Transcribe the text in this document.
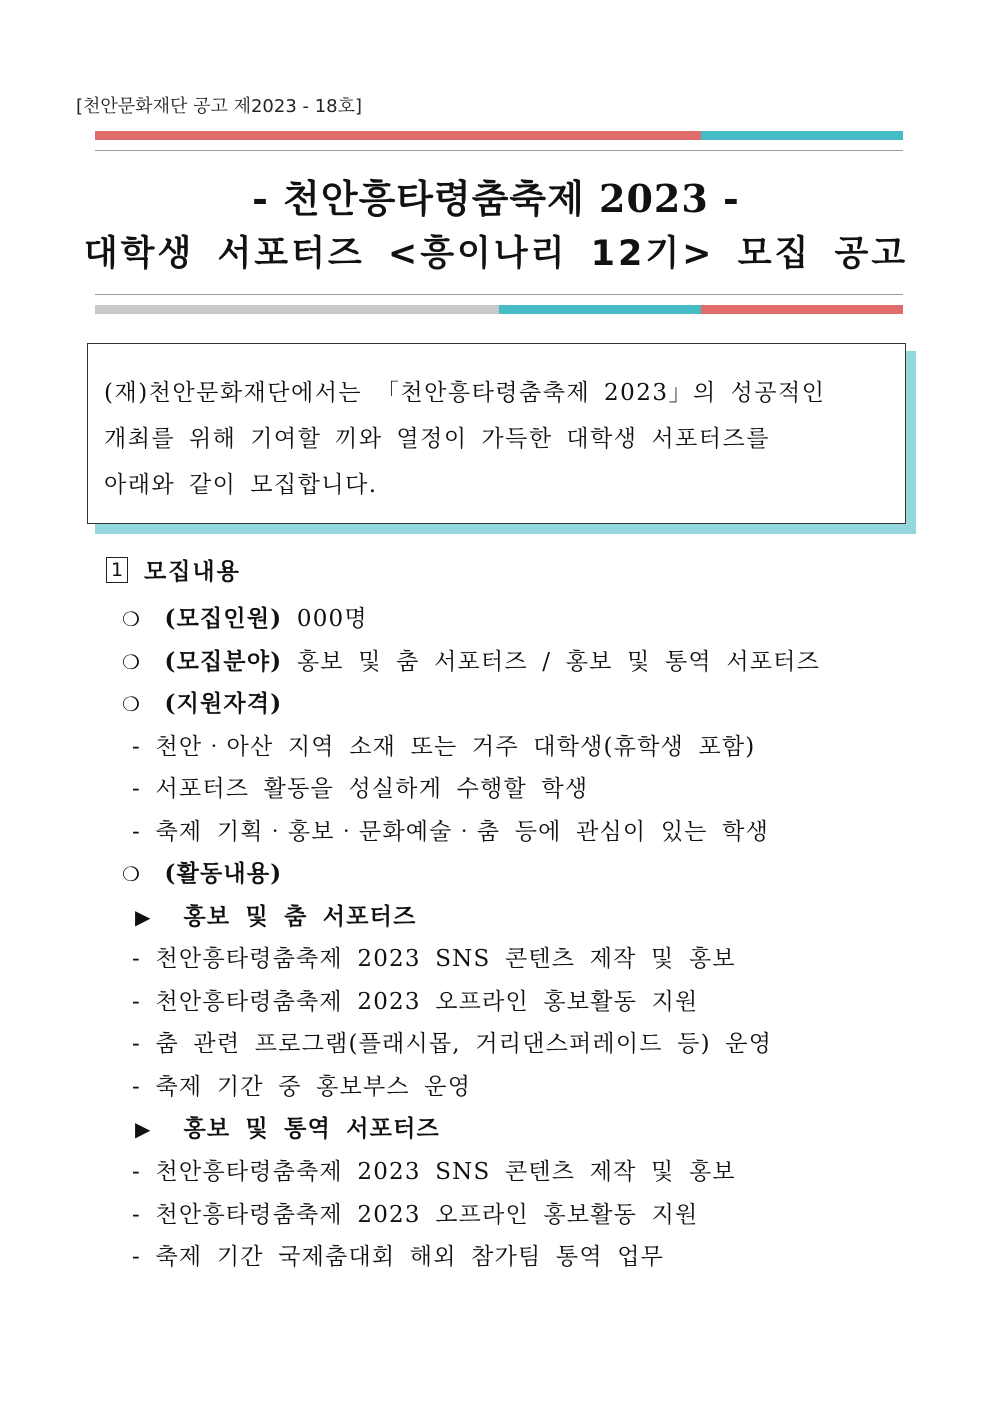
[천안문화재단 공고 제2023 - 18호]
- 천안흥타령춤축제 2023 -
대학생 서포터즈 <흥이나리 12기> 모집 공고
(재)천안문화재단에서는 「천안흥타령춤축제 2023」의 성공적인
개최를 위해 기여할 끼와 열정이 가득한 대학생 서포터즈를
아래와 같이 모집합니다.
1 모집내용
❍ (모집인원) 000명
❍ (모집분야) 홍보 및 춤 서포터즈 / 홍보 및 통역 서포터즈
❍ (지원자격)
- 천안‧아산 지역 소재 또는 거주 대학생(휴학생 포함)
- 서포터즈 활동을 성실하게 수행할 학생
- 축제 기획‧홍보‧문화예술‧춤 등에 관심이 있는 학생
❍ (활동내용)
▶ 홍보 및 춤 서포터즈
- 천안흥타령춤축제 2023 SNS 콘텐츠 제작 및 홍보
- 천안흥타령춤축제 2023 오프라인 홍보활동 지원
- 춤 관련 프로그램(플래시몹, 거리댄스퍼레이드 등) 운영
- 축제 기간 중 홍보부스 운영
▶ 홍보 및 통역 서포터즈
- 천안흥타령춤축제 2023 SNS 콘텐츠 제작 및 홍보
- 천안흥타령춤축제 2023 오프라인 홍보활동 지원
- 축제 기간 국제춤대회 해외 참가팀 통역 업무
